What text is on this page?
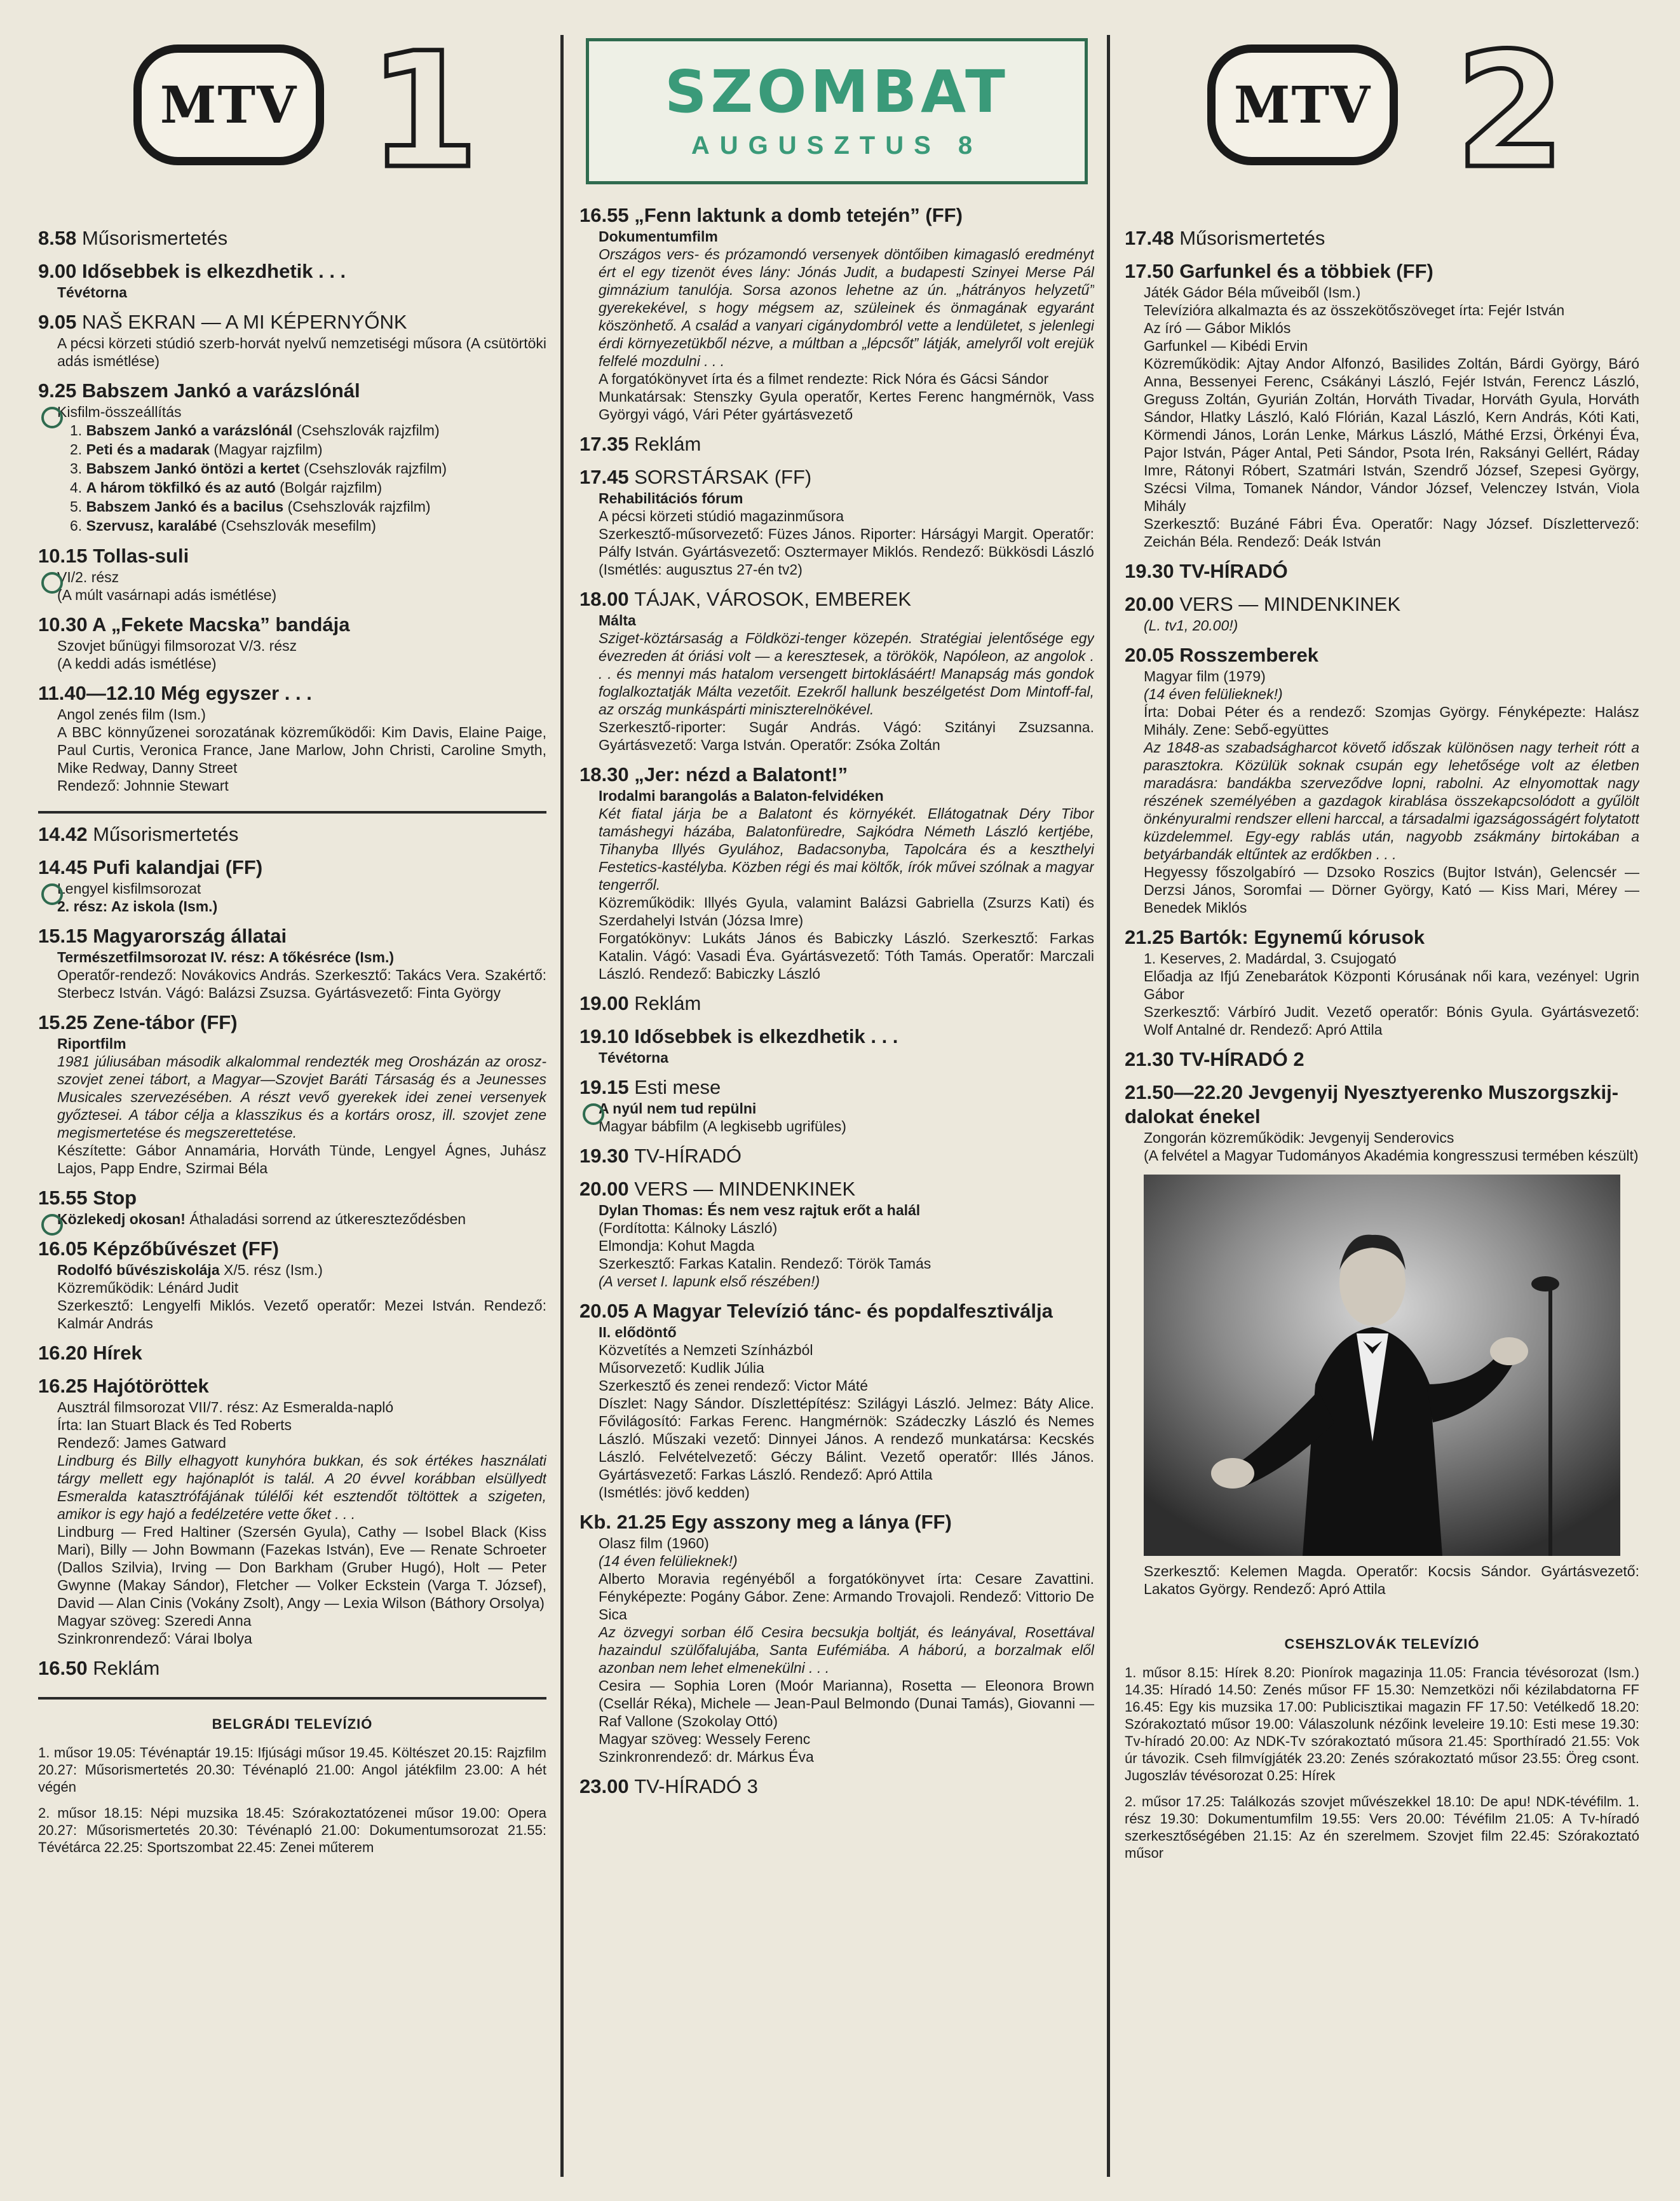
MTV 1
8.58 Műsorismertetés
9.00 Idősebbek is elkezdhetik . . .
Tévétorna
9.05 NAŠ EKRAN — A MI KÉPERNYŐNK
A pécsi körzeti stúdió szerb-horvát nyelvű nemzetiségi műsora (A csütörtöki adás ismétlése)
9.25 Babszem Jankó a varázslónál
Kisfilm-összeállítás
1. Babszem Jankó a varázslónál (Csehszlovák rajzfilm)
2. Peti és a madarak (Magyar rajzfilm)
3. Babszem Jankó öntözi a kertet (Csehszlovák rajzfilm)
4. A három tökfilkó és az autó (Bolgár rajzfilm)
5. Babszem Jankó és a bacilus (Csehszlovák rajzfilm)
6. Szervusz, karalábé (Csehszlovák mesefilm)
10.15 Tollas-suli
VI/2. rész
(A múlt vasárnapi adás ismétlése)
10.30 A „Fekete Macska” bandája
Szovjet bűnügyi filmsorozat V/3. rész
(A keddi adás ismétlése)
11.40—12.10 Még egyszer . . .
Angol zenés film (Ism.)
A BBC könnyűzenei sorozatának közreműködői: Kim Davis, Elaine Paige, Paul Curtis, Veronica France, Jane Marlow, John Christi, Caroline Smyth, Mike Redway, Danny Street
Rendező: Johnnie Stewart
14.42 Műsorismertetés
14.45 Pufi kalandjai (FF)
Lengyel kisfilmsorozat
2. rész: Az iskola (Ism.)
15.15 Magyarország állatai
Természetfilmsorozat IV. rész: A tőkésréce (Ism.)
Operatőr-rendező: Novákovics András. Szerkesztő: Takács Vera. Szakértő: Sterbecz István. Vágó: Balázsi Zsuzsa. Gyártásvezető: Finta György
15.25 Zene-tábor (FF)
Riportfilm
1981 júliusában második alkalommal rendezték meg Orosházán az orosz-szovjet zenei tábort, a Magyar—Szovjet Baráti Társaság és a Jeunesses Musicales szervezésében. A részt vevő gyerekek idei zenei versenyek győztesei. A tábor célja a klasszikus és a kortárs orosz, ill. szovjet zene megismertetése és megszerettetése.
Készítette: Gábor Annamária, Horváth Tünde, Lengyel Ágnes, Juhász Lajos, Papp Endre, Szirmai Béla
15.55 Stop
Közlekedj okosan! Áthaladási sorrend az útkereszteződésben
16.05 Képzőbűvészet (FF)
Rodolfó bűvésziskolája X/5. rész (Ism.)
Közreműködik: Lénárd Judit
Szerkesztő: Lengyelfi Miklós. Vezető operatőr: Mezei István. Rendező: Kalmár András
16.20 Hírek
16.25 Hajótöröttek
Ausztrál filmsorozat VII/7. rész: Az Esmeralda-napló
Írta: Ian Stuart Black és Ted Roberts
Rendező: James Gatward
Lindburg és Billy elhagyott kunyhóra bukkan, és sok értékes használati tárgy mellett egy hajónaplót is talál. A 20 évvel korábban elsüllyedt Esmeralda katasztrófájának túlélői két esztendőt töltöttek a szigeten, amikor is egy hajó a fedélzetére vette őket . . .
Lindburg — Fred Haltiner (Szersén Gyula), Cathy — Isobel Black (Kiss Mari), Billy — John Bowmann (Fazekas István), Eve — Renate Schroeter (Dallos Szilvia), Irving — Don Barkham (Gruber Hugó), Holt — Peter Gwynne (Makay Sándor), Fletcher — Volker Eckstein (Varga T. József), David — Alan Cinis (Vokány Zsolt), Angy — Lexia Wilson (Báthory Orsolya)
Magyar szöveg: Szeredi Anna
Szinkronrendező: Várai Ibolya
16.50 Reklám
BELGRÁDI TELEVÍZIÓ
1. műsor 19.05: Tévénaptár 19.15: Ifjúsági műsor 19.45. Költészet 20.15: Rajzfilm 20.27: Műsorismertetés 20.30: Tévénapló 21.00: Angol játékfilm 23.00: A hét végén
2. műsor 18.15: Népi muzsika 18.45: Szórakoztatózenei műsor 19.00: Opera 20.27: Műsorismertetés 20.30: Tévénapló 21.00: Dokumentumsorozat 21.55: Tévétárca 22.25: Sportszombat 22.45: Zenei műterem
SZOMBAT
AUGUSZTUS 8
16.55 „Fenn laktunk a domb tetején” (FF)
Dokumentumfilm
Országos vers- és prózamondó versenyek döntőiben kimagasló eredményt ért el egy tizenöt éves lány: Jónás Judit, a budapesti Szinyei Merse Pál gimnázium tanulója. Sorsa azonos lehetne az ún. „hátrányos helyzetű” gyerekekével, s hogy mégsem az, szüleinek és önmagának egyaránt köszönhető. A család a vanyari cigánydombról vette a lendületet, s jelenlegi érdi környezetükből nézve, a múltban a „lépcsőt” látják, amelyről volt erejük felfelé mozdulni . . .
A forgatókönyvet írta és a filmet rendezte: Rick Nóra és Gácsi Sándor
Munkatársak: Stenszky Gyula operatőr, Kertes Ferenc hangmérnök, Vass Györgyi vágó, Vári Péter gyártásvezető
17.35 Reklám
17.45 SORSTÁRSAK (FF)
Rehabilitációs fórum
A pécsi körzeti stúdió magazinműsora
Szerkesztő-műsorvezető: Füzes János. Riporter: Hárságyi Margit. Operatőr: Pálfy István. Gyártásvezető: Osztermayer Miklós. Rendező: Bükkösdi László
(Ismétlés: augusztus 27-én tv2)
18.00 TÁJAK, VÁROSOK, EMBEREK
Málta
Sziget-köztársaság a Földközi-tenger közepén. Stratégiai jelentősége egy évezreden át óriási volt — a keresztesek, a törökök, Napóleon, az angolok . . . és mennyi más hatalom versengett birtoklásáért! Manapság más gondok foglalkoztatják Málta vezetőit. Ezekről hallunk beszélgetést Dom Mintoff-fal, az ország munkáspárti miniszterelnökével.
Szerkesztő-riporter: Sugár András. Vágó: Szitányi Zsuzsanna. Gyártásvezető: Varga István. Operatőr: Zsóka Zoltán
18.30 „Jer: nézd a Balatont!”
Irodalmi barangolás a Balaton-felvidéken
Két fiatal járja be a Balatont és környékét. Ellátogatnak Déry Tibor tamáshegyi házába, Balatonfüredre, Sajkódra Németh László kertjébe, Tihanyba Illyés Gyulához, Badacsonyba, Tapolcára és a keszthelyi Festetics-kastélyba. Közben régi és mai költők, írók művei szólnak a magyar tengerről.
Közreműködik: Illyés Gyula, valamint Balázsi Gabriella (Zsurzs Kati) és Szerdahelyi István (Józsa Imre)
Forgatókönyv: Lukáts János és Babiczky László. Szerkesztő: Farkas Katalin. Vágó: Vasadi Éva. Gyártásvezető: Tóth Tamás. Operatőr: Marczali László. Rendező: Babiczky László
19.00 Reklám
19.10 Idősebbek is elkezdhetik . . .
Tévétorna
19.15 Esti mese
A nyúl nem tud repülni
Magyar bábfilm (A legkisebb ugrifüles)
19.30 TV-HÍRADÓ
20.00 VERS — MINDENKINEK
Dylan Thomas: És nem vesz rajtuk erőt a halál
(Fordította: Kálnoky László)
Elmondja: Kohut Magda
Szerkesztő: Farkas Katalin. Rendező: Török Tamás
(A verset I. lapunk első részében!)
20.05 A Magyar Televízió tánc- és popdalfesztiválja
II. elődöntő
Közvetítés a Nemzeti Színházból
Műsorvezető: Kudlik Júlia
Szerkesztő és zenei rendező: Victor Máté
Díszlet: Nagy Sándor. Díszlettépítész: Szilágyi László. Jelmez: Báty Alice. Fővilágosító: Farkas Ferenc. Hangmérnök: Szádeczky László és Nemes László. Műszaki vezető: Dinnyei János. A rendező munkatársa: Kecskés László. Felvételvezető: Géczy Bálint. Vezető operatőr: Illés János. Gyártásvezető: Farkas László. Rendező: Apró Attila
(Ismétlés: jövő kedden)
Kb. 21.25 Egy asszony meg a lánya (FF)
Olasz film (1960)
(14 éven felülieknek!)
Alberto Moravia regényéből a forgatókönyvet írta: Cesare Zavattini. Fényképezte: Pogány Gábor. Zene: Armando Trovajoli. Rendező: Vittorio De Sica
Az özvegyi sorban élő Cesira becsukja boltját, és leányával, Rosettával hazaindul szülőfalujába, Santa Eufémiába. A háború, a borzalmak elől azonban nem lehet elmenekülni . . .
Cesira — Sophia Loren (Moór Marianna), Rosetta — Eleonora Brown (Csellár Réka), Michele — Jean-Paul Belmondo (Dunai Tamás), Giovanni — Raf Vallone (Szokolay Ottó)
Magyar szöveg: Wessely Ferenc
Szinkronrendező: dr. Márkus Éva
23.00 TV-HÍRADÓ 3
MTV 2
17.48 Műsorismertetés
17.50 Garfunkel és a többiek (FF)
Játék Gádor Béla műveiből (Ism.)
Televízióra alkalmazta és az összekötőszöveget írta: Fejér István
Az író — Gábor Miklós
Garfunkel — Kibédi Ervin
Közreműködik: Ajtay Andor Alfonzó, Basilides Zoltán, Bárdi György, Báró Anna, Bessenyei Ferenc, Csákányi László, Fejér István, Ferencz László, Greguss Zoltán, Gyurián Zoltán, Horváth Tivadar, Horváth Gyula, Horváth Sándor, Hlatky László, Kaló Flórián, Kazal László, Kern András, Kóti Kati, Körmendi János, Lorán Lenke, Márkus László, Máthé Erzsi, Örkényi Éva, Pajor István, Páger Antal, Peti Sándor, Psota Irén, Raksányi Gellért, Ráday Imre, Rátonyi Róbert, Szatmári István, Szendrő József, Szepesi György, Szécsi Vilma, Tomanek Nándor, Vándor József, Velenczey István, Viola Mihály
Szerkesztő: Buzáné Fábri Éva. Operatőr: Nagy József. Díszlettervező: Zeichán Béla. Rendező: Deák István
19.30 TV-HÍRADÓ
20.00 VERS — MINDENKINEK
(L. tv1, 20.00!)
20.05 Rosszemberek
Magyar film (1979)
(14 éven felülieknek!)
Írta: Dobai Péter és a rendező: Szomjas György. Fényképezte: Halász Mihály. Zene: Sebő-együttes
Az 1848-as szabadságharcot követő időszak különösen nagy terheit rótt a parasztokra. Közülük soknak csupán egy lehetősége volt az életben maradásra: bandákba szerveződve lopni, rabolni. Az elnyomottak nagy részének személyében a gazdagok kirablása összekapcsolódott a gyűlölt önkényuralmi rendszer elleni harccal, a társadalmi igazságosságért folytatott küzdelemmel. Egy-egy rablás után, nagyobb zsákmány birtokában a betyárbandák eltűntek az erdőkben . . .
Hegyessy főszolgabíró — Dzsoko Roszics (Bujtor István), Gelencsér — Derzsi János, Soromfai — Dörner György, Kató — Kiss Mari, Mérey — Benedek Miklós
21.25 Bartók: Egynemű kórusok
1. Keserves, 2. Madárdal, 3. Csujogató
Előadja az Ifjú Zenebarátok Központi Kórusának női kara, vezényel: Ugrin Gábor
Szerkesztő: Várbíró Judit. Vezető operatőr: Bónis Gyula. Gyártásvezető: Wolf Antalné dr. Rendező: Apró Attila
21.30 TV-HÍRADÓ 2
21.50—22.20 Jevgenyij Nyesztyerenko Muszorgszkij-dalokat énekel
Zongorán közreműködik: Jevgenyij Senderovics
(A felvétel a Magyar Tudományos Akadémia kongresszusi termében készült)
Szerkesztő: Kelemen Magda. Operatőr: Kocsis Sándor. Gyártásvezető: Lakatos György. Rendező: Apró Attila
CSEHSZLOVÁK TELEVÍZIÓ
1. műsor 8.15: Hírek 8.20: Pionírok magazinja 11.05: Francia tévésorozat (Ism.) 14.35: Híradó 14.50: Zenés műsor FF 15.30: Nemzetközi női kézilabdatorna FF 16.45: Egy kis muzsika 17.00: Publicisztikai magazin FF 17.50: Vetélkedő 18.20: Szórakoztató műsor 19.00: Válaszolunk nézőink leveleire 19.10: Esti mese 19.30: Tv-híradó 20.00: Az NDK-Tv szórakoztató műsora 21.45: Sporthíradó 21.55: Vok úr távozik. Cseh filmvígjáték 23.20: Zenés szórakoztató műsor 23.55: Öreg csont. Jugoszláv tévésorozat 0.25: Hírek
2. műsor 17.25: Találkozás szovjet művészekkel 18.10: De apu! NDK-tévéfilm. 1. rész 19.30: Dokumentumfilm 19.55: Vers 20.00: Tévéfilm 21.05: A Tv-híradó szerkesztőségében 21.15: Az én szerelmem. Szovjet film 22.45: Szórakoztató műsor
